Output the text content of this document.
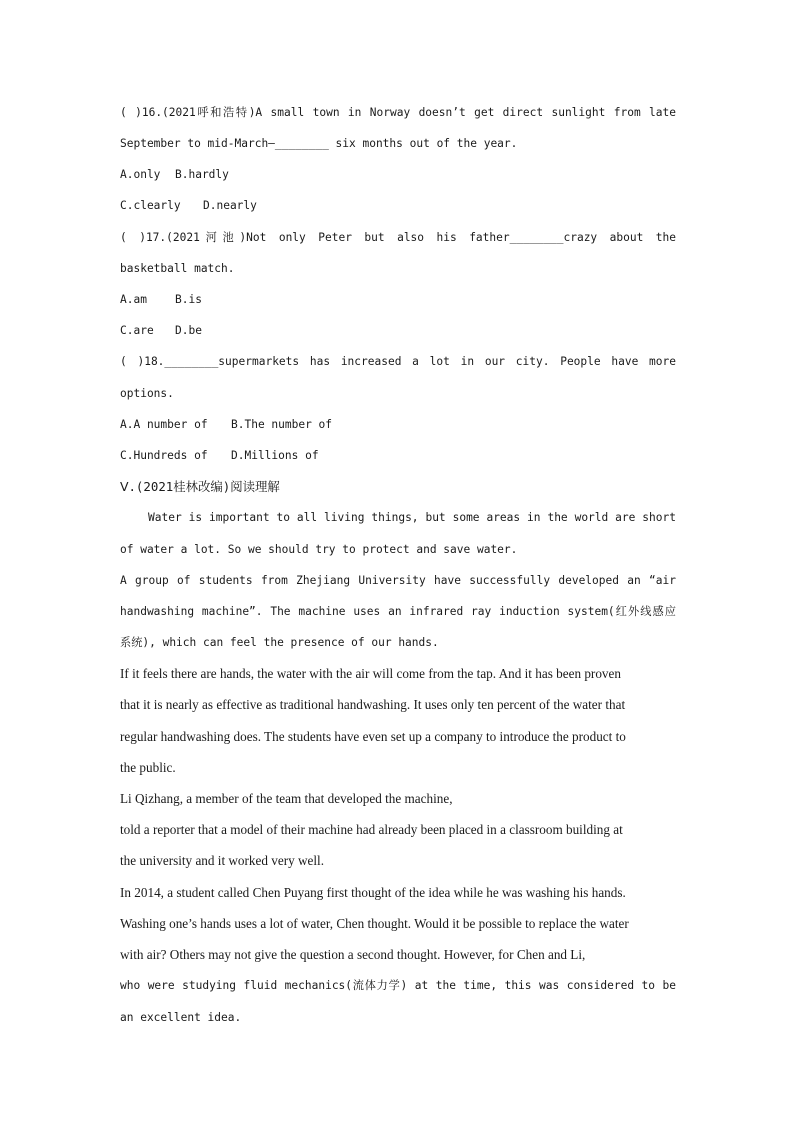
( )16.(2021呼和浩特)A small town in Norway doesn’t get direct sunlight from late
September to mid-March—________ six months out of the year.
A.only B.hardly
C.clearly D.nearly
( )17.(2021河池)Not only Peter but also his father________crazy about the
basketball match.
A.am	B.is
C.are D.be
( )18.________supermarkets has increased a lot in our city. People have more
options.
A.A number of B.The number of
C.Hundreds of D.Millions of
Ⅴ.(2021桂林改编)阅读理解
Water is important to all living things, but some areas in the world are short
of water a lot. So we should try to protect and save water.
A group of students from Zhejiang University have successfully developed an “air
handwashing machine”. The machine uses an infrared ray induction system(红外线感应
系统), which can feel the presence of our hands.
If it feels there are hands, the water with the air will come from the tap. And it has been proven
that it is nearly as effective as traditional handwashing. It uses only ten percent of the water that
regular handwashing does. The students have even set up a company to introduce the product to
the public.
Li Qizhang, a member of the team that developed the machine,
told a reporter that a model of their machine had already been placed in a classroom building at
the university and it worked very well.
In 2014, a student called Chen Puyang first thought of the idea while he was washing his hands.
Washing one’s hands uses a lot of water, Chen thought. Would it be possible to replace the water
with air? Others may not give the question a second thought. However, for Chen and Li,
who were studying fluid mechanics(流体力学) at the time, this was considered to be
an excellent idea.
